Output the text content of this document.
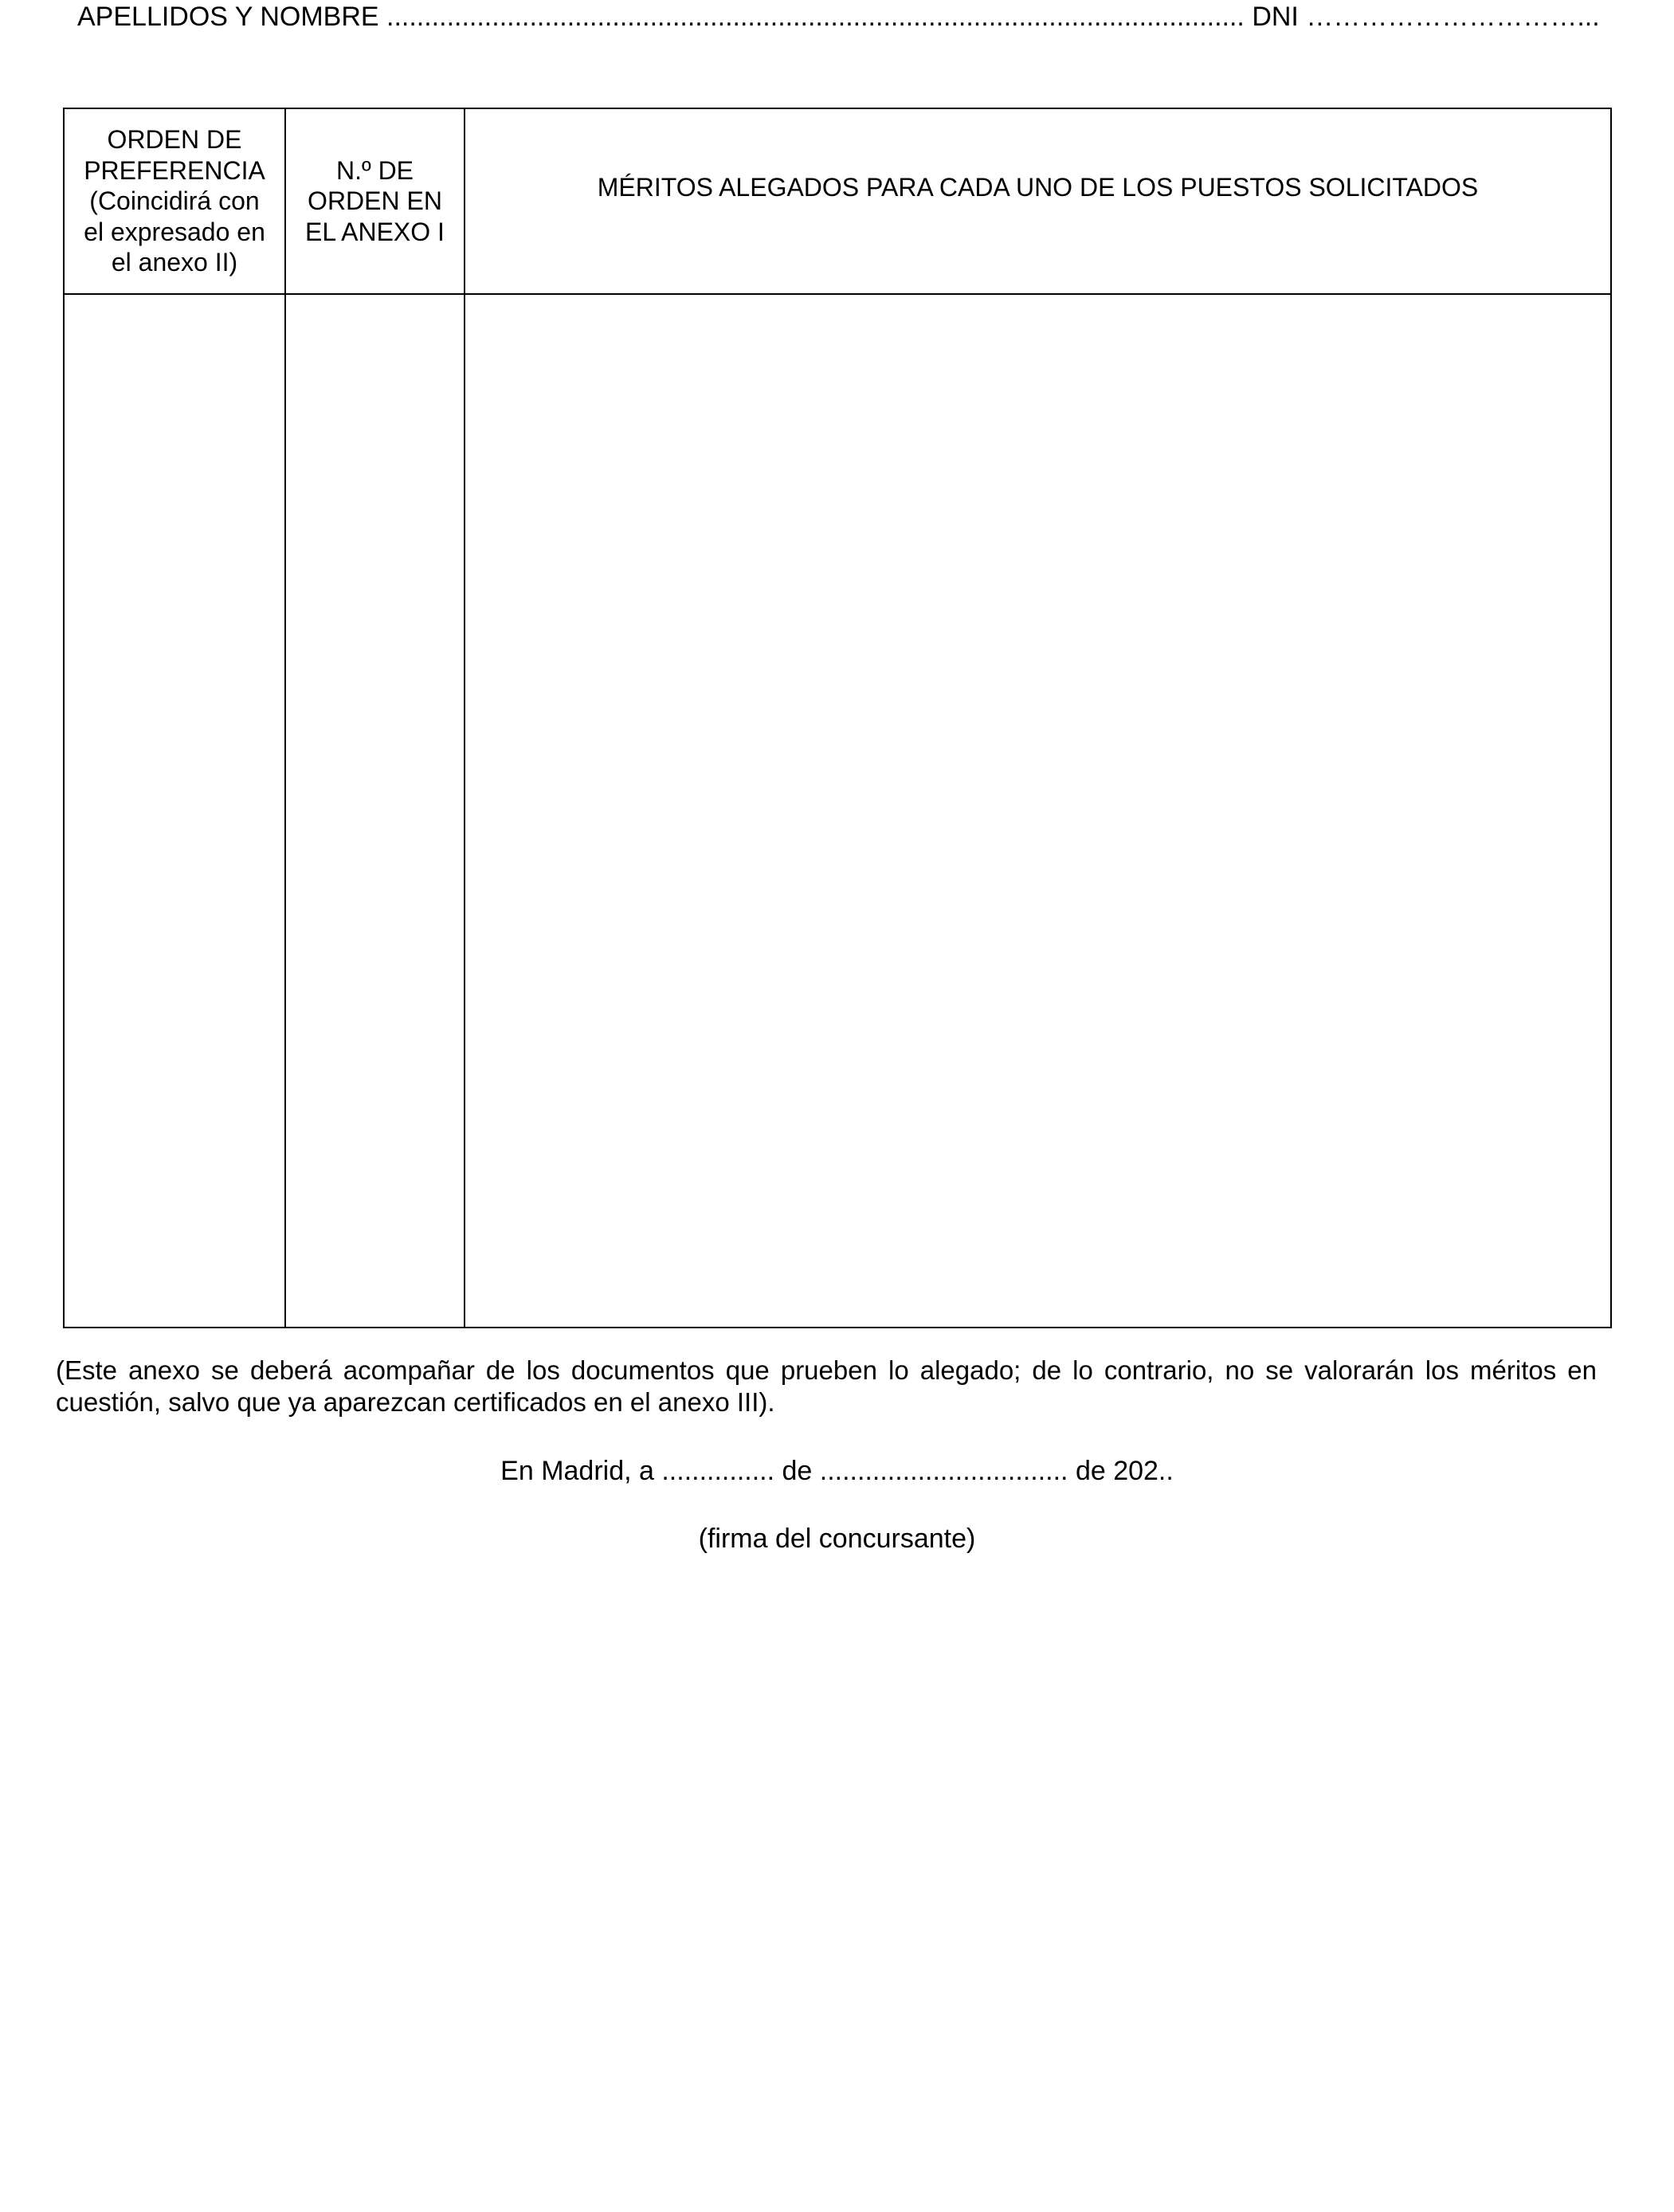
APELLIDOS Y NOMBRE .................................................................................................................. DNI …………………………...
ORDEN DE
PREFERENCIA
(Coincidirá con
el expresado en
el anexo II)	N.º DE
ORDEN EN
EL ANEXO I	MÉRITOS ALEGADOS PARA CADA UNO DE LOS PUESTOS SOLICITADOS

(Este anexo se deberá acompañar de los documentos que prueben lo alegado; de lo contrario, no se valorarán los méritos en cuestión, salvo que ya aparezcan certificados en el anexo III).
En Madrid, a ............... de ................................. de 202..
(firma del concursante)
